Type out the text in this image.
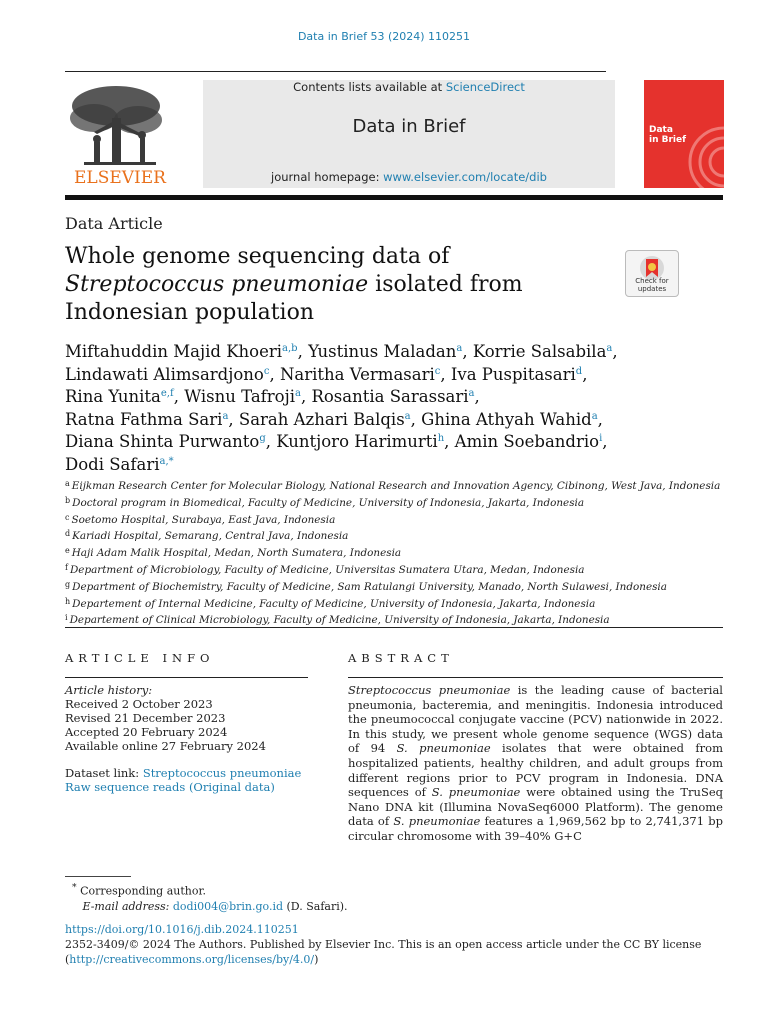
Data in Brief 53 (2024) 110251
ELSEVIER
Contents lists available at ScienceDirect
Data in Brief
journal homepage: www.elsevier.com/locate/dib
Data
in Brief
Data Article
Whole genome sequencing data of
Streptococcus pneumoniae isolated from
Indonesian population
Check for updates
Miftahuddin Majid Khoeri$^{a,b}$, Yustinus Maladan$^a$, Korrie Salsabila$^a$,
Lindawati Alimsardjono$^c$, Naritha Vermasari$^c$, Iva Puspitasari$^d$,
Rina Yunita$^{e,f}$, Wisnu Tafroji$^a$, Rosantia Sarassari$^a$,
Ratna Fathma Sari$^a$, Sarah Azhari Balqis$^a$, Ghina Athyah Wahid$^a$,
Diana Shinta Purwanto$^g$, Kuntjoro Harimurti$^h$, Amin Soebandrio$^i$,
Dodi Safari$^{a,*}$
$^a$ Eijkman Research Center for Molecular Biology, National Research and Innovation Agency, Cibinong, West Java, Indonesia
$^b$ Doctoral program in Biomedical, Faculty of Medicine, University of Indonesia, Jakarta, Indonesia
$^c$ Soetomo Hospital, Surabaya, East Java, Indonesia
$^d$ Kariadi Hospital, Semarang, Central Java, Indonesia
$^e$ Haji Adam Malik Hospital, Medan, North Sumatera, Indonesia
$^f$ Department of Microbiology, Faculty of Medicine, Universitas Sumatera Utara, Medan, Indonesia
$^g$ Department of Biochemistry, Faculty of Medicine, Sam Ratulangi University, Manado, North Sulawesi, Indonesia
$^h$ Departement of Internal Medicine, Faculty of Medicine, University of Indonesia, Jakarta, Indonesia
$^i$ Departement of Clinical Microbiology, Faculty of Medicine, University of Indonesia, Jakarta, Indonesia
ARTICLE INFO	ABSTRACT
Article history:
Received 2 October 2023
Revised 21 December 2023
Accepted 20 February 2024
Available online 27 February 2024
Dataset link: Streptococcus pneumoniae
Raw sequence reads (Original data)
Streptococcus pneumoniae is the leading cause of bacterial pneumonia, bacteremia, and meningitis. Indonesia introduced the pneumococcal conjugate vaccine (PCV) nationwide in 2022. In this study, we present whole genome sequence (WGS) data of 94 S. pneumoniae isolates that were obtained from hospitalized patients, healthy children, and adult groups from different regions prior to PCV program in Indonesia. DNA sequences of S. pneumoniae were obtained using the TruSeq Nano DNA kit (Illumina NovaSeq6000 Platform). The genome data of S. pneumoniae features a 1,969,562 bp to 2,741,371 bp circular chromosome with 39–40% G+C
* Corresponding author.
E-mail address: dodi004@brin.go.id (D. Safari).
https://doi.org/10.1016/j.dib.2024.110251
2352-3409/© 2024 The Authors. Published by Elsevier Inc. This is an open access article under the CC BY license
(http://creativecommons.org/licenses/by/4.0/)
